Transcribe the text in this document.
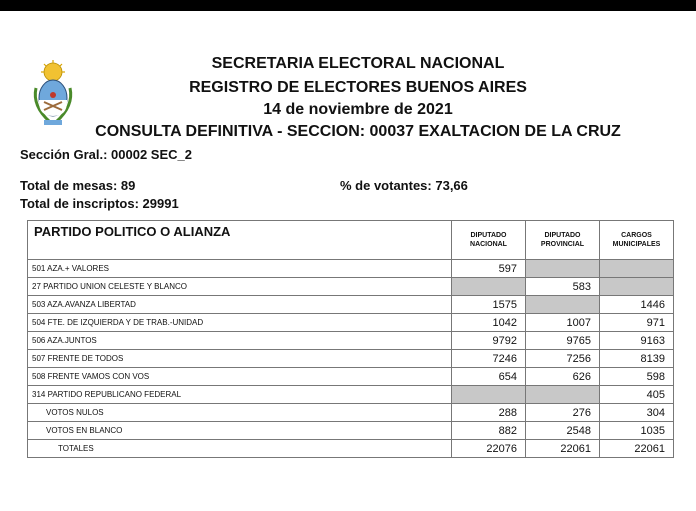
SECRETARIA ELECTORAL NACIONAL
REGISTRO DE ELECTORES BUENOS AIRES
14 de noviembre de 2021
CONSULTA DEFINITIVA - SECCION: 00037 EXALTACION DE LA CRUZ
Sección Gral.: 00002 SEC_2
Total de mesas: 89	% de votantes: 73,66
Total de inscriptos: 29991
PARTIDO POLITICO O ALIANZA	DIPUTADO NACIONAL	DIPUTADO PROVINCIAL	CARGOS MUNICIPALES
501 AZA.+ VALORES	597		
27 PARTIDO UNION CELESTE Y BLANCO		583	
503 AZA.AVANZA LIBERTAD	1575		1446
504 FTE. DE IZQUIERDA Y DE TRAB.-UNIDAD	1042	1007	971
506 AZA.JUNTOS	9792	9765	9163
507 FRENTE DE TODOS	7246	7256	8139
508 FRENTE VAMOS CON VOS	654	626	598
314 PARTIDO REPUBLICANO FEDERAL			405
VOTOS NULOS	288	276	304
VOTOS EN BLANCO	882	2548	1035
TOTALES	22076	22061	22061
